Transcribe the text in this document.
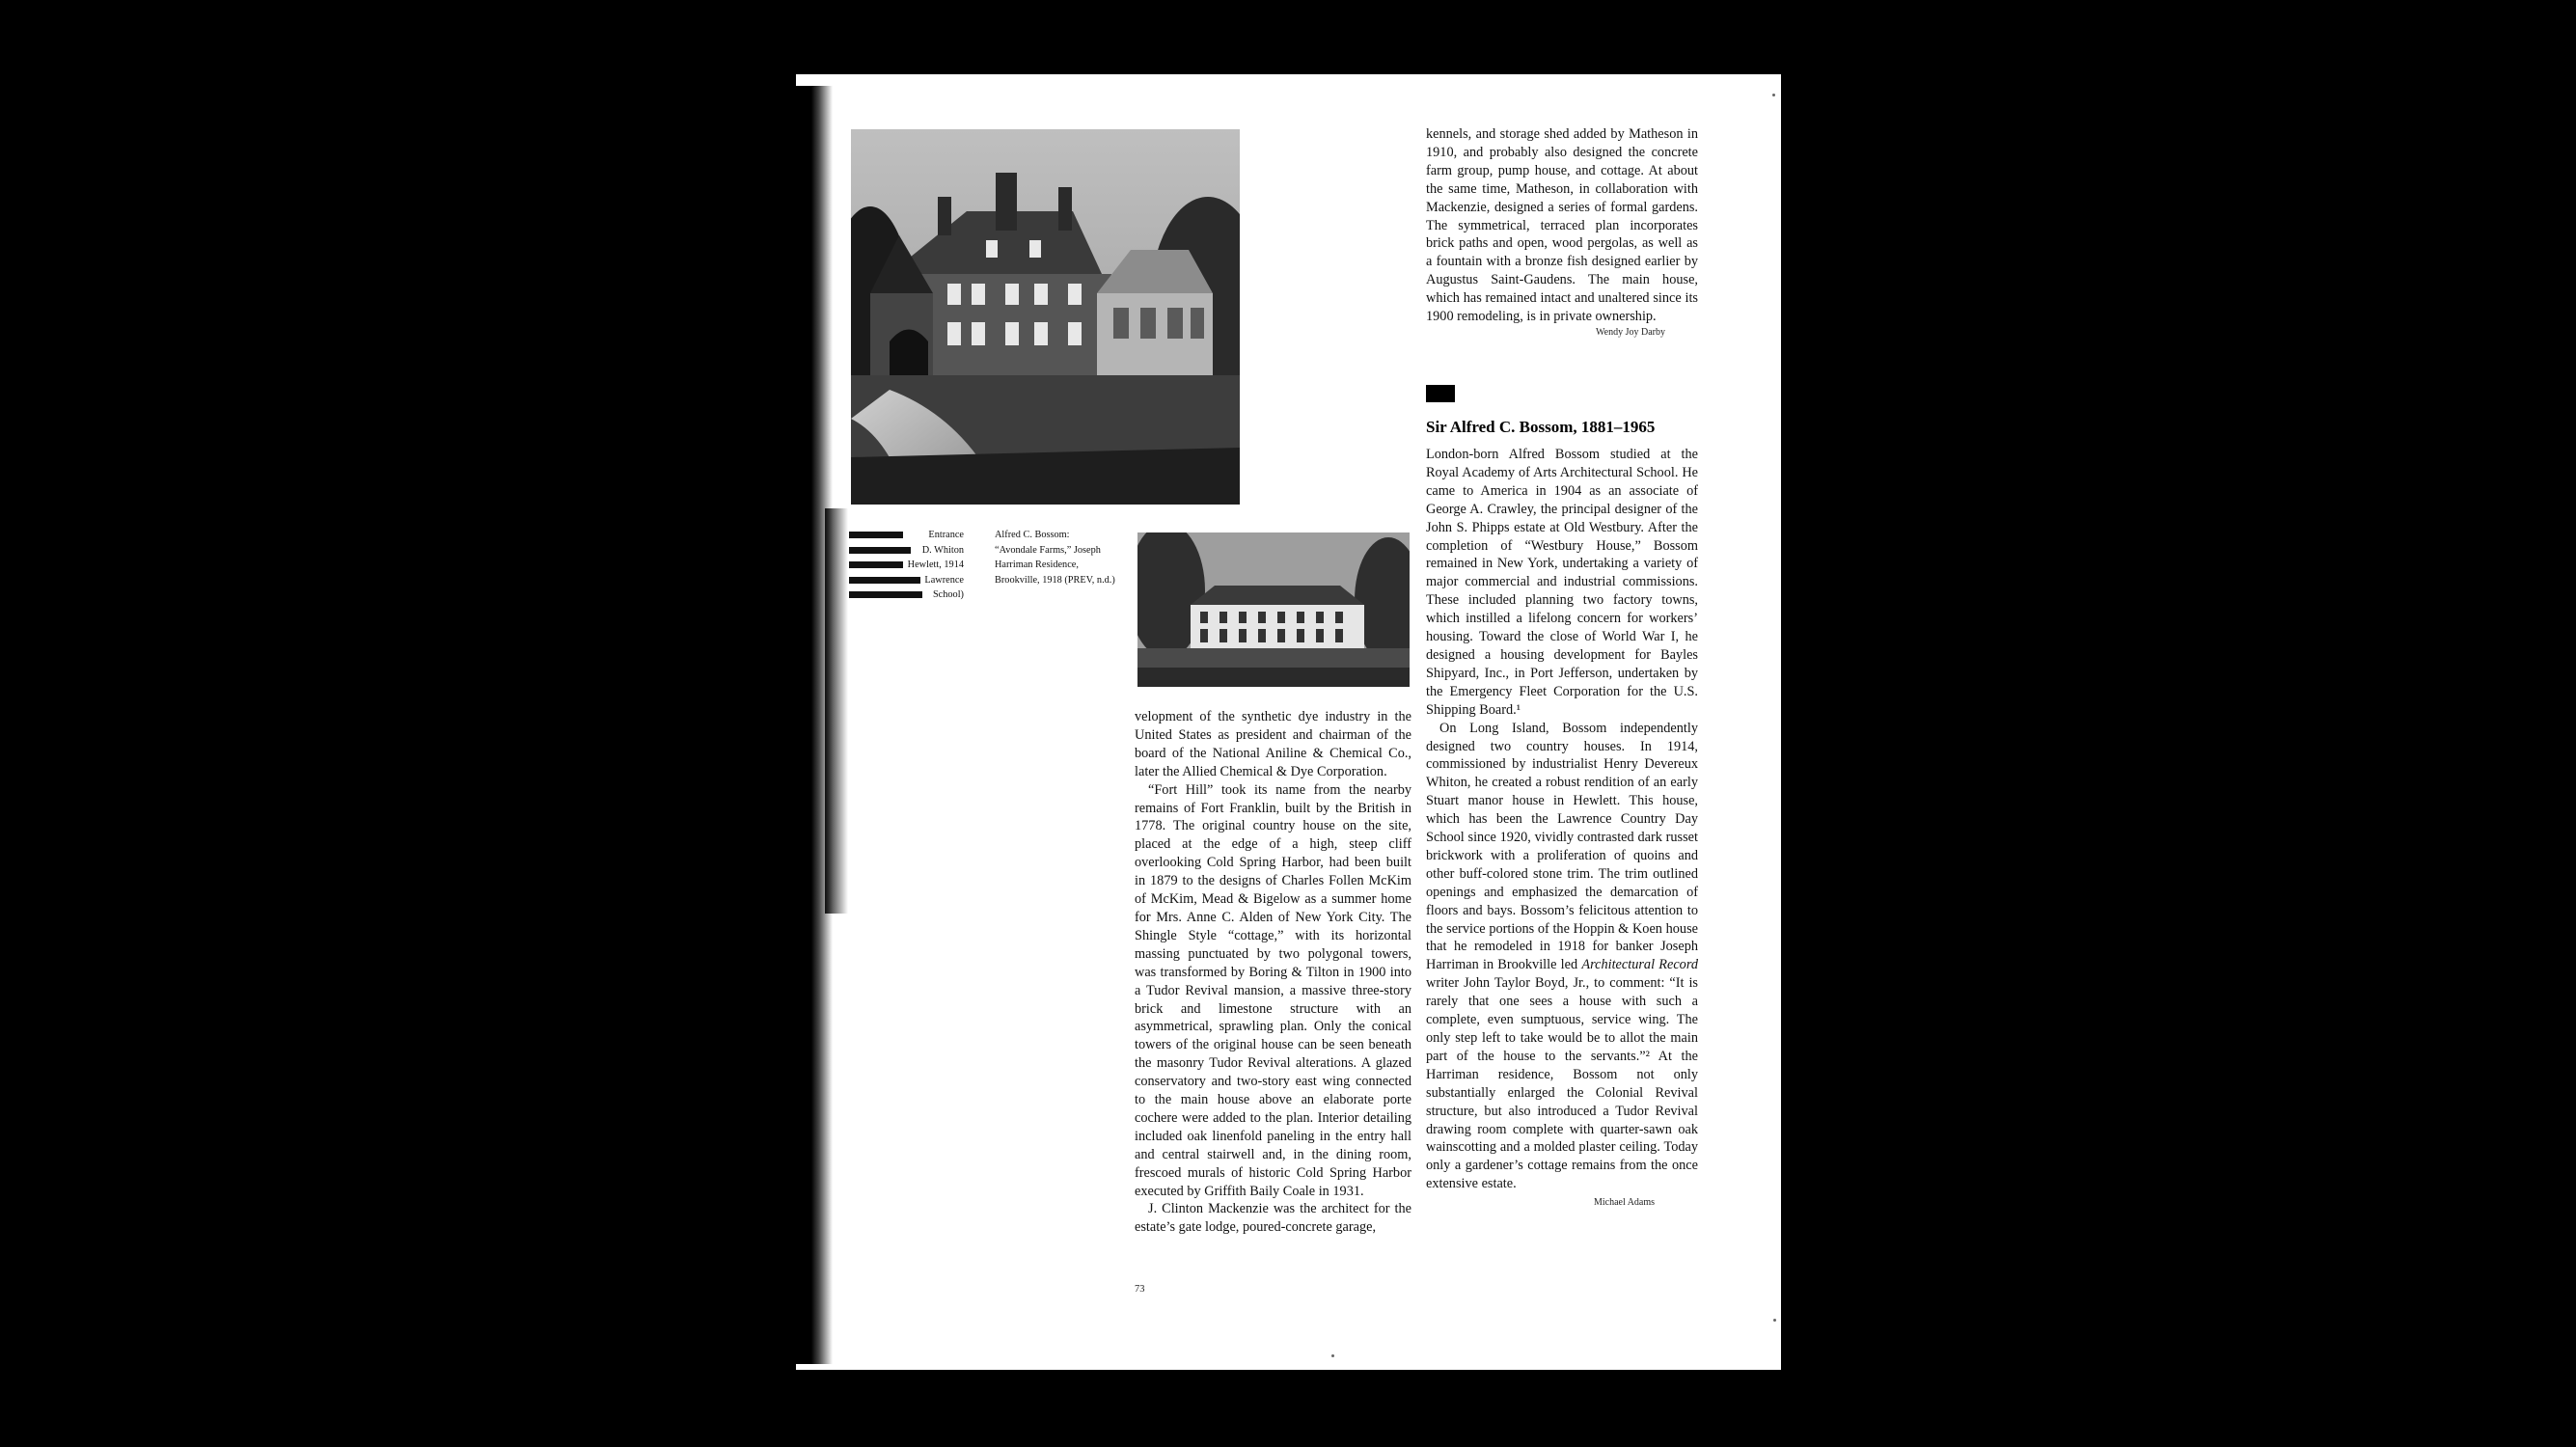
Entrance
D. Whiton
Hewlett, 1914
Lawrence
School)
Alfred C. Bossom:
“Avondale Farms,” Joseph
Harriman Residence,
Brookville, 1918 (PREV, n.d.)

velopment of the synthetic dye industry in the United States as president and chairman of the board of the National Aniline & Chemical Co., later the Allied Chemical & Dye Corporation.

“Fort Hill” took its name from the nearby remains of Fort Franklin, built by the British in 1778. The original country house on the site, placed at the edge of a high, steep cliff overlooking Cold Spring Harbor, had been built in 1879 to the designs of Charles Follen McKim of McKim, Mead & Bigelow as a summer home for Mrs. Anne C. Alden of New York City. The Shingle Style “cottage,” with its horizontal massing punctuated by two polygonal towers, was transformed by Boring & Tilton in 1900 into a Tudor Revival mansion, a massive three-story brick and limestone structure with an asymmetrical, sprawling plan. Only the conical towers of the original house can be seen beneath the masonry Tudor Revival alterations. A glazed conservatory and two-story east wing connected to the main house above an elaborate porte cochere were added to the plan. Interior detailing included oak linenfold paneling in the entry hall and central stairwell and, in the dining room, frescoed murals of historic Cold Spring Harbor executed by Griffith Baily Coale in 1931.

J. Clinton Mackenzie was the architect for the estate’s gate lodge, poured-concrete garage,

kennels, and storage shed added by Matheson in 1910, and probably also designed the concrete farm group, pump house, and cottage. At about the same time, Matheson, in collaboration with Mackenzie, designed a series of formal gardens. The symmetrical, terraced plan incorporates brick paths and open, wood pergolas, as well as a fountain with a bronze fish designed earlier by Augustus Saint-Gaudens. The main house, which has remained intact and unaltered since its 1900 remodeling, is in private ownership.

Wendy Joy Darby
Sir Alfred C. Bossom, 1881–1965

London-born Alfred Bossom studied at the Royal Academy of Arts Architectural School. He came to America in 1904 as an associate of George A. Crawley, the principal designer of the John S. Phipps estate at Old Westbury. After the completion of “Westbury House,” Bossom remained in New York, undertaking a variety of major commercial and industrial commissions. These included planning two factory towns, which instilled a lifelong concern for workers’ housing. Toward the close of World War I, he designed a housing development for Bayles Shipyard, Inc., in Port Jefferson, undertaken by the Emergency Fleet Corporation for the U.S. Shipping Board.¹

On Long Island, Bossom independently designed two country houses. In 1914, commissioned by industrialist Henry Devereux Whiton, he created a robust rendition of an early Stuart manor house in Hewlett. This house, which has been the Lawrence Country Day School since 1920, vividly contrasted dark russet brickwork with a proliferation of quoins and other buff-colored stone trim. The trim outlined openings and emphasized the demarcation of floors and bays. Bossom’s felicitous attention to the service portions of the Hoppin & Koen house that he remodeled in 1918 for banker Joseph Harriman in Brookville led Architectural Record writer John Taylor Boyd, Jr., to comment: “It is rarely that one sees a house with such a complete, even sumptuous, service wing. The only step left to take would be to allot the main part of the house to the servants.”² At the Harriman residence, Bossom not only substantially enlarged the Colonial Revival structure, but also introduced a Tudor Revival drawing room complete with quarter-sawn oak wainscotting and a molded plaster ceiling. Today only a gardener’s cottage remains from the once extensive estate.

Michael Adams
73
